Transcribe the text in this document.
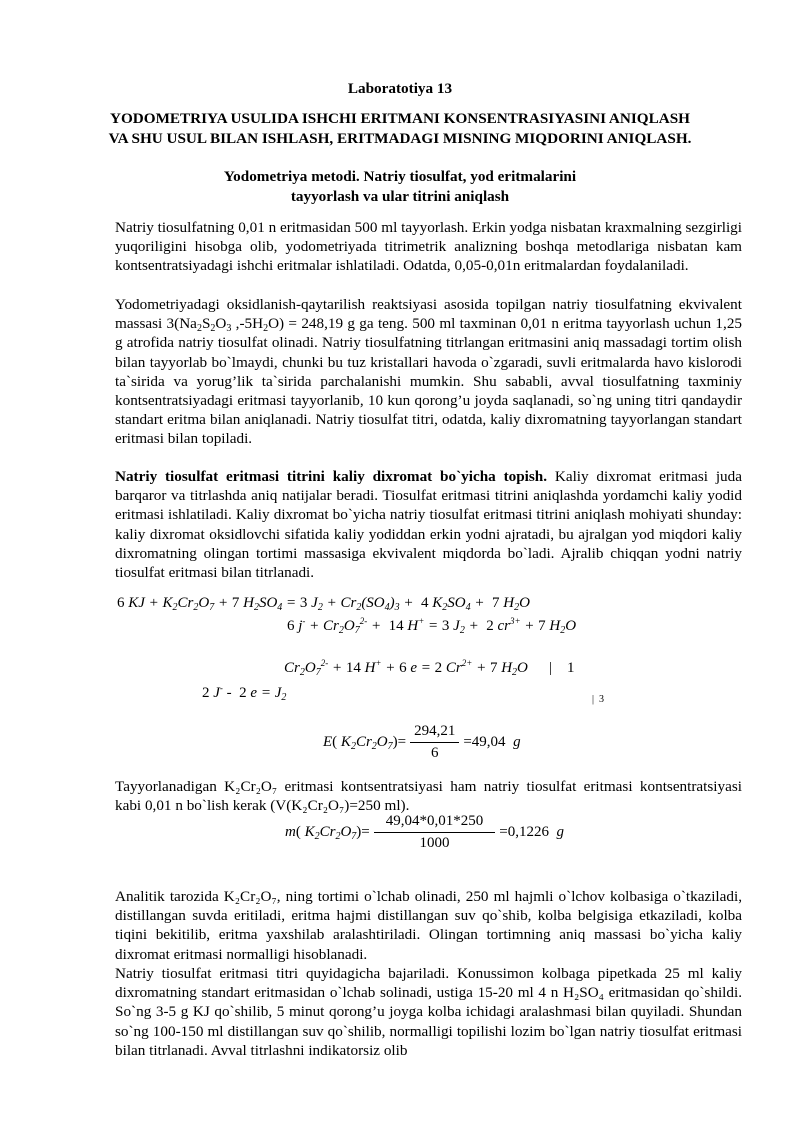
Laboratotiya 13
YODOMETRIYA USULIDA ISHCHI ERITMANI KONSENTRASIYASINI ANIQLASH
VA SHU USUL BILAN ISHLASH, ERITMADAGI MISNING MIQDORINI ANIQLASH.
Yodometriya metodi. Natriy tiosulfat, yod eritmalarini
tayyorlash va ular titrini aniqlash

Natriy tiosulfatning 0,01 n eritmasidan 500 ml tayyorlash. Erkin yodga nisbatan kraxmalning sezgirligi yuqoriligini hisobga olib, yodometriyada titrimetrik analizning boshqa metodlariga nisbatan kam kontsentratsiyadagi ishchi eritmalar ishlatiladi. Odatda, 0,05-0,01n eritmalardan foydalaniladi.

Yodometriyadagi oksidlanish-qaytarilish reaktsiyasi asosida topilgan natriy tiosulfatning ekvivalent massasi $3(Na_2S_2O_3$ $,-5H_2O) = 248,19$ g ga teng. 500 ml taxminan 0,01 n eritma tayyorlash uchun 1,25 g atrofida natriy tiosulfat olinadi. Natriy tiosulfatning titrlangan eritmasini aniq massadagi tortim olish bilan tayyorlab bo`lmaydi, chunki bu tuz kristallari havoda o`zgaradi, suvli eritmalarda havo kislorodi ta`sirida va yorug’lik ta`sirida parchalanishi mumkin. Shu sababli, avval tiosulfatning taxminiy kontsentratsiyadagi eritmasi tayyorlanib, 10 kun qorong’u joyda saqlanadi, so`ng uning titri qandaydir standart eritma bilan aniqlanadi. Natriy tiosulfat titri, odatda, kaliy dixromatning tayyorlangan standart eritmasi bilan topiladi.

Natriy tiosulfat eritmasi titrini kaliy dixromat bo`yicha topish. Kaliy dixromat eritmasi juda barqaror va titrlashda aniq natijalar beradi. Tiosulfat eritmasi titrini aniqlashda yordamchi kaliy yodid eritmasi ishlatiladi. Kaliy dixromat bo`yicha natriy tiosulfat eritmasi titrini aniqlash mohiyati shunday: kaliy dixromat oksidlovchi sifatida kaliy yodiddan erkin yodni ajratadi, bu ajralgan yod miqdori kaliy dixromatning olingan tortimi massasiga ekvivalent miqdorda bo`ladi. Ajralib chiqqan yodni natriy tiosulfat eritmasi bilan titrlanadi.

6 KJ + $K_2Cr_2O_7 + 7$ $H_2SO_4 = 3$ $J_2 + Cr_2(SO_4)_3 + 4$ $K_2SO_4 + 7$ $H_2O$
6 $j^- + Cr_2O_7^{2-} + 14$ H+ = 3 $J_2 + 2$ $cr^{3+} + 7$ $H_2O$
$Cr_2O_7^{2-} + 14$ H+ + 6 e = 2 $Cr^{2+} + 7$ $H_2O$ |    1
2 J- -  2 $e = J_2$	|  3
E( $K_2Cr_2O_7)= \frac{294,21}{6} =49,04$ g

Tayyorlanadigan K₂Cr₂O₇ eritmasi kontsentratsiyasi ham natriy tiosulfat eritmasi kontsentratsiyasi kabi 0,01 n bo`lish kerak (V(K₂Cr₂O₇)=250 ml).

m( $K_2Cr_2O_7)= \frac{49,04*0,01*250}{1000} =0,1226$ g

Analitik tarozida K₂Cr₂O₇, ning tortimi o`lchab olinadi, 250 ml hajmli o`lchov kolbasiga o`tkaziladi, distillangan suvda eritiladi, eritma hajmi distillangan suv qo`shib, kolba belgisiga etkaziladi, kolba tiqini bekitilib, eritma yaxshilab aralashtiriladi. Olingan tortimning aniq massasi bo`yicha kaliy dixromat eritmasi normalligi hisoblanadi.

Natriy tiosulfat eritmasi titri quyidagicha bajariladi. Konussimon kolbaga pipetkada 25 ml kaliy dixromatning standart eritmasidan o`lchab solinadi, ustiga 15-20 ml 4 n H₂SO₄ eritmasidan qo`shildi. So`ng 3-5 g KJ qo`shilib, 5 minut qorong’u joyga kolba ichidagi aralashmasi bilan quyiladi. Shundan so`ng 100-150 ml distillangan suv qo`shilib, normalligi topilishi lozim bo`lgan natriy tiosulfat eritmasi bilan titrlanadi. Avval titrlashni indikatorsiz olib
